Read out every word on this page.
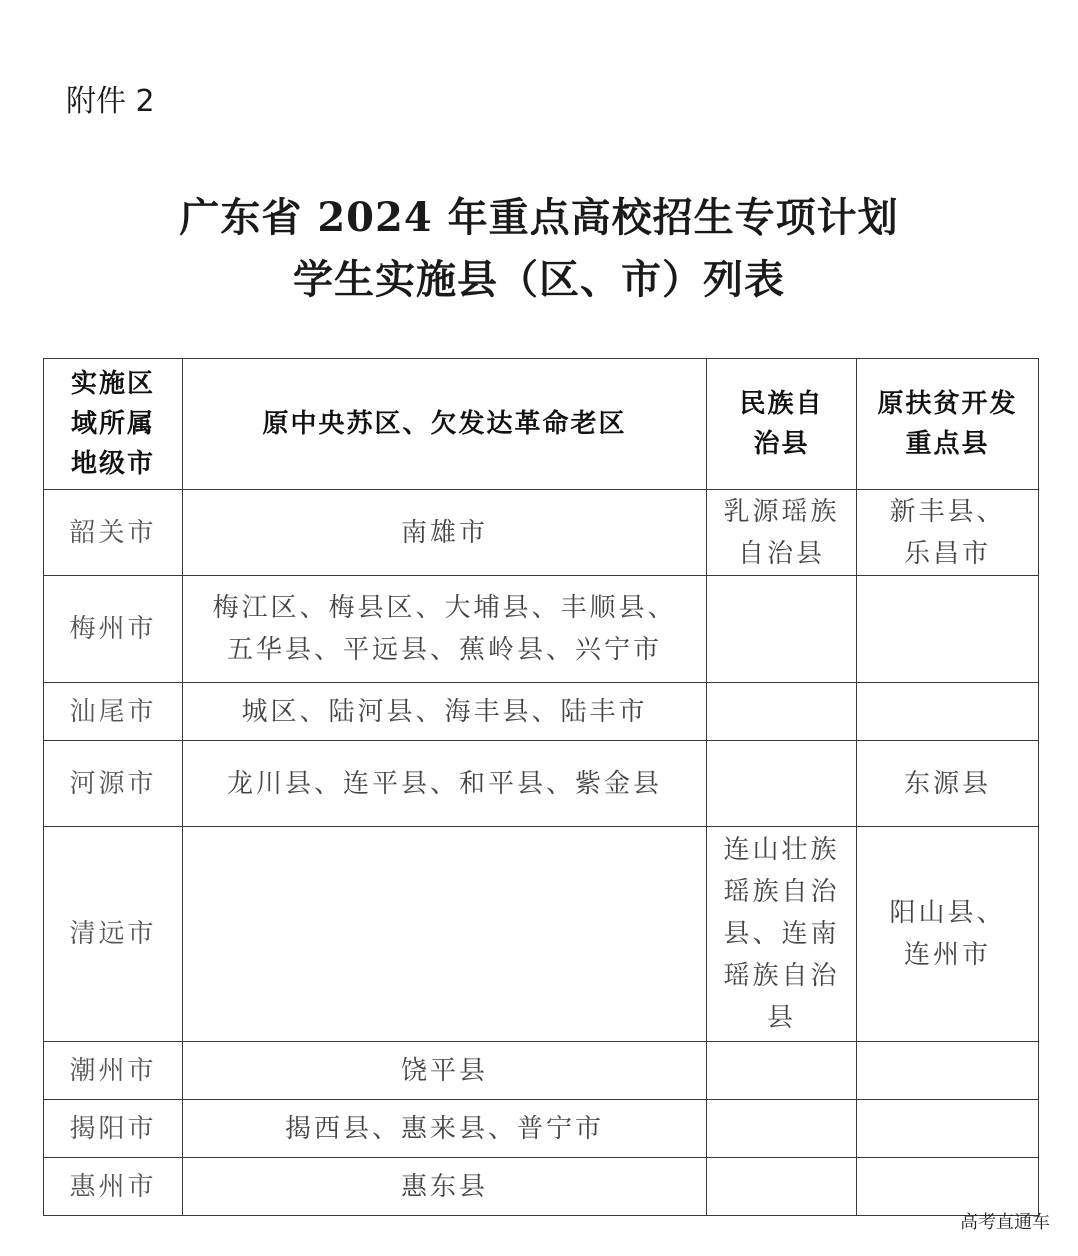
附件 2
广东省 2024 年重点高校招生专项计划
学生实施县（区、市）列表
实施区域所属地级市	原中央苏区、欠发达革命老区	民族自治县	原扶贫开发重点县

韶关市	南雄市	乳源瑶族自治县	新丰县、乐昌市

梅州市	梅江区、梅县区、大埔县、丰顺县、五华县、平远县、蕉岭县、兴宁市		

汕尾市	城区、陆河县、海丰县、陆丰市		
河源市	龙川县、连平县、和平县、紫金县		东源县
清远市		连山壮族瑶族自治县、连南瑶族自治县	阳山县、连州市

潮州市	饶平县		
揭阳市	揭西县、惠来县、普宁市		
惠州市	惠东县		
高考直通车
